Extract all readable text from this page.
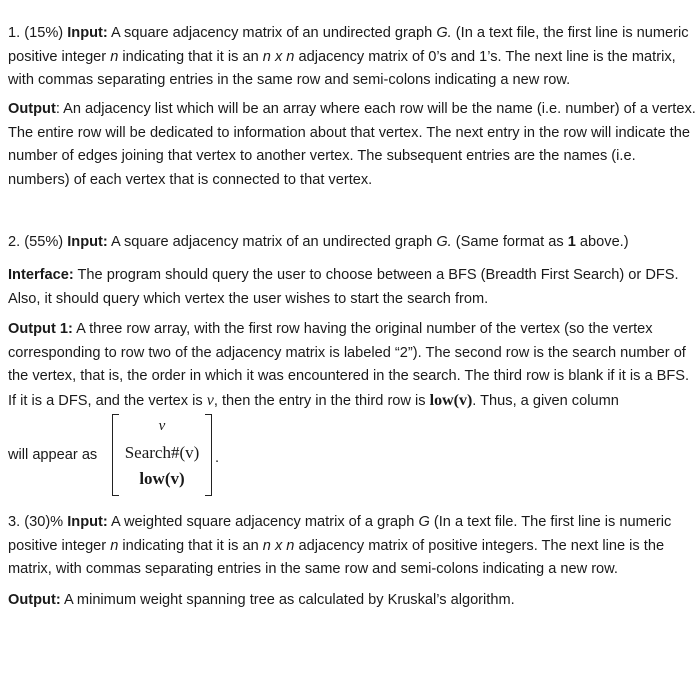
1. (15%) Input: A square adjacency matrix of an undirected graph G. (In a text file, the first line is numeric positive integer n indicating that it is an n x n adjacency matrix of 0’s and 1’s. The next line is the matrix, with commas separating entries in the same row and semi-colons indicating a new row.

Output: An adjacency list which will be an array where each row will be the name (i.e. number) of a vertex. The entire row will be dedicated to information about that vertex. The next entry in the row will indicate the number of edges joining that vertex to another vertex. The subsequent entries are the names (i.e. numbers) of each vertex that is connected to that vertex.

2. (55%) Input: A square adjacency matrix of an undirected graph G. (Same format as 1 above.)

Interface: The program should query the user to choose between a BFS (Breadth First Search) or DFS. Also, it should query which vertex the user wishes to start the search from.

Output 1: A three row array, with the first row having the original number of the vertex (so the vertex corresponding to row two of the adjacency matrix is labeled “2”). The second row is the search number of the vertex, that is, the order in which it was encountered in the search. The third row is blank if it is a BFS. If it is a DFS, and the vertex is v, then the entry in the third row is low(v). Thus, a given column

will appear as
v
Search#(v)
low(v)
.

3. (30)% Input: A weighted square adjacency matrix of a graph G (In a text file. The first line is numeric positive integer n indicating that it is an n x n adjacency matrix of positive integers. The next line is the matrix, with commas separating entries in the same row and semi-colons indicating a new row.

Output: A minimum weight spanning tree as calculated by Kruskal’s algorithm.
